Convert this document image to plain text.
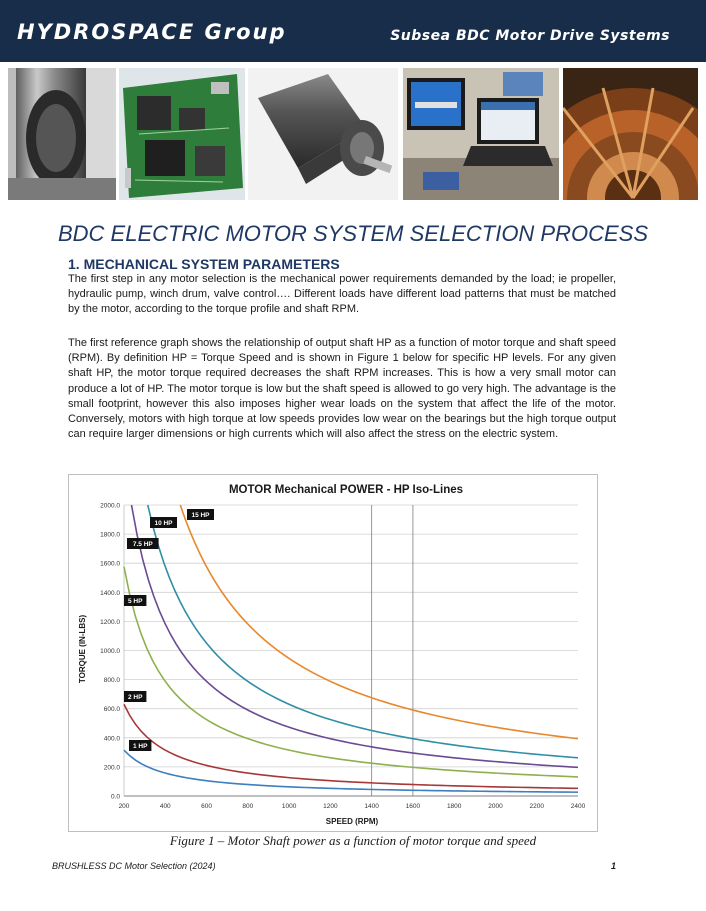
HYDROSPACE Group	Subsea BDC Motor Drive Systems
BDC ELECTRIC MOTOR SYSTEM SELECTION PROCESS
1. MECHANICAL SYSTEM PARAMETERS

The first step in any motor selection is the mechanical power requirements demanded by the load; ie propeller, hydraulic pump, winch drum, valve control…. Different loads have different load patterns that must be matched by the motor, according to the torque profile and shaft RPM.

The first reference graph shows the relationship of output shaft HP as a function of motor torque and shaft speed (RPM). By definition HP = Torque Speed and is shown in Figure 1 below for specific HP levels. For any given shaft HP, the motor torque required decreases the shaft RPM increases. This is how a very small motor can produce a lot of HP. The motor torque is low but the shaft speed is allowed to go very high. The advantage is the small footprint, however this also imposes higher wear loads on the system that affect the life of the motor. Conversely, motors with high torque at low speeds provides low wear on the bearings but the high torque output can require larger dimensions or high currents which will also affect the stress on the electric system.

0.0
200.0
400.0
600.0
800.0
1000.0
1200.0
1400.0
1600.0
1800.0
2000.0
200	400	600	800	1000	1200	1400	1600	1800	2000	2200	2400
1 HP
2 HP
5 HP
7.5 HP
10 HP
15 HP
MOTOR Mechanical POWER - HP Iso-Lines
SPEED (RPM)
TORQUE (IN-LBS)
Figure 1 – Motor Shaft power as a function of motor torque and speed
BRUSHLESS DC Motor Selection (2024)	1
